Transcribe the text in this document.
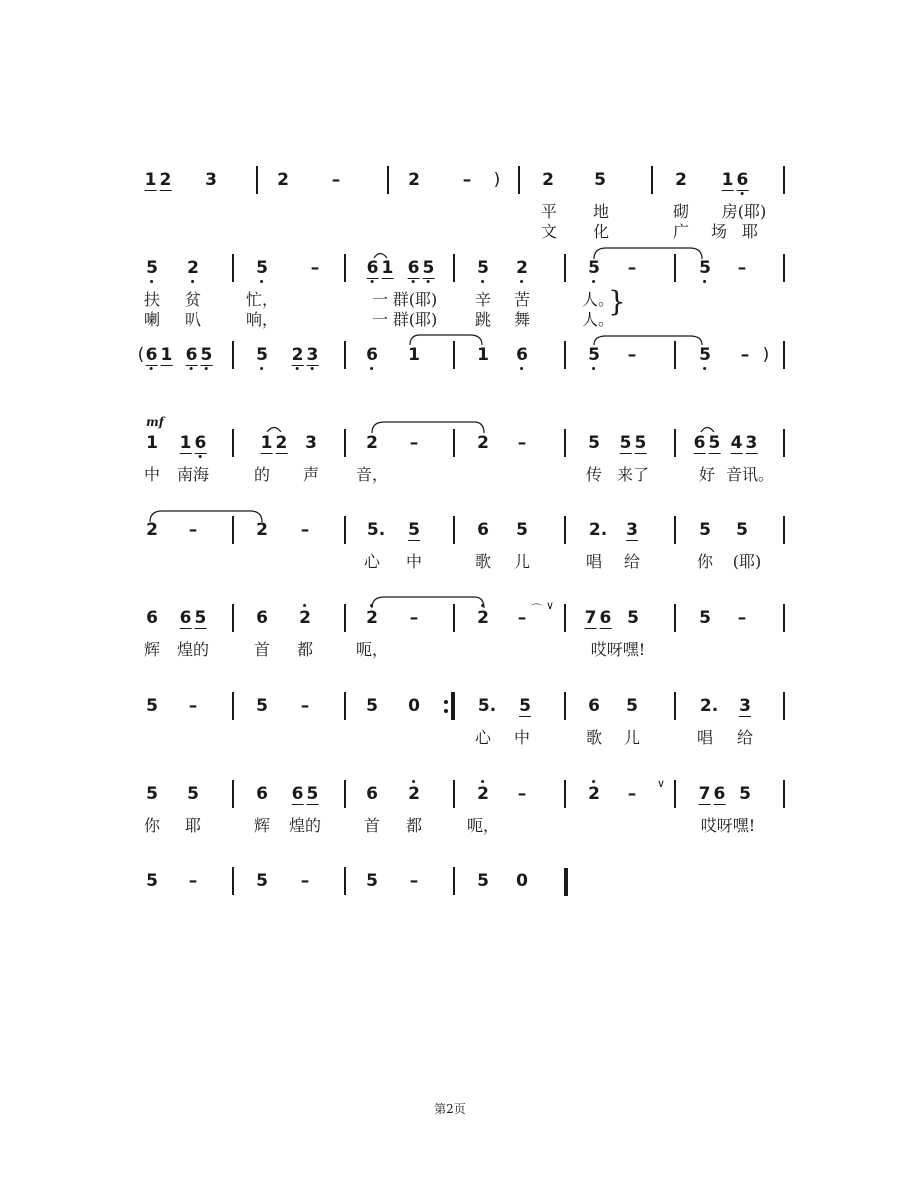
1 2 3	2	–	2	–	2 5	2 1 6
)
平 地	砌 房(耶)
文 化	广 场 耶
5 2	5	–	6 1 6 5	5 2	5 –	5 –
扶 贫	忙，	一 群(耶) 辛 苦	人。
喇 叭	响，	一 群(耶) 跳 舞	人。
6 1 6 5	5 2 3	6 1	1 6	5 –	5 –
(	)
1 1 6	1 2 3	2 –	2 –	5 5 5	6 5 4 3
中 南海	的 声 音，	传 来了	好 音讯。
2 –	2 –	5. 5	6 5	2. 3	5 5
心 中	歌 儿	唱 给	你 (耶)
6 6 5	6 2	2 –	2 –	7 6 5	5 –
辉 煌的	首 都	呃，	哎呀嘿!
5 –	5 –	5 0	5. 5	6 5	2. 3
心 中	歌 儿	唱 给
5 5	6 6 5	6 2	2 –	2 –	7 6 5
你 耶	辉 煌的	首 都	呃，	哎呀嘿!
5 –	5 –	5 –	5 0
mf
}
⌒ ∨
∨
第2页
